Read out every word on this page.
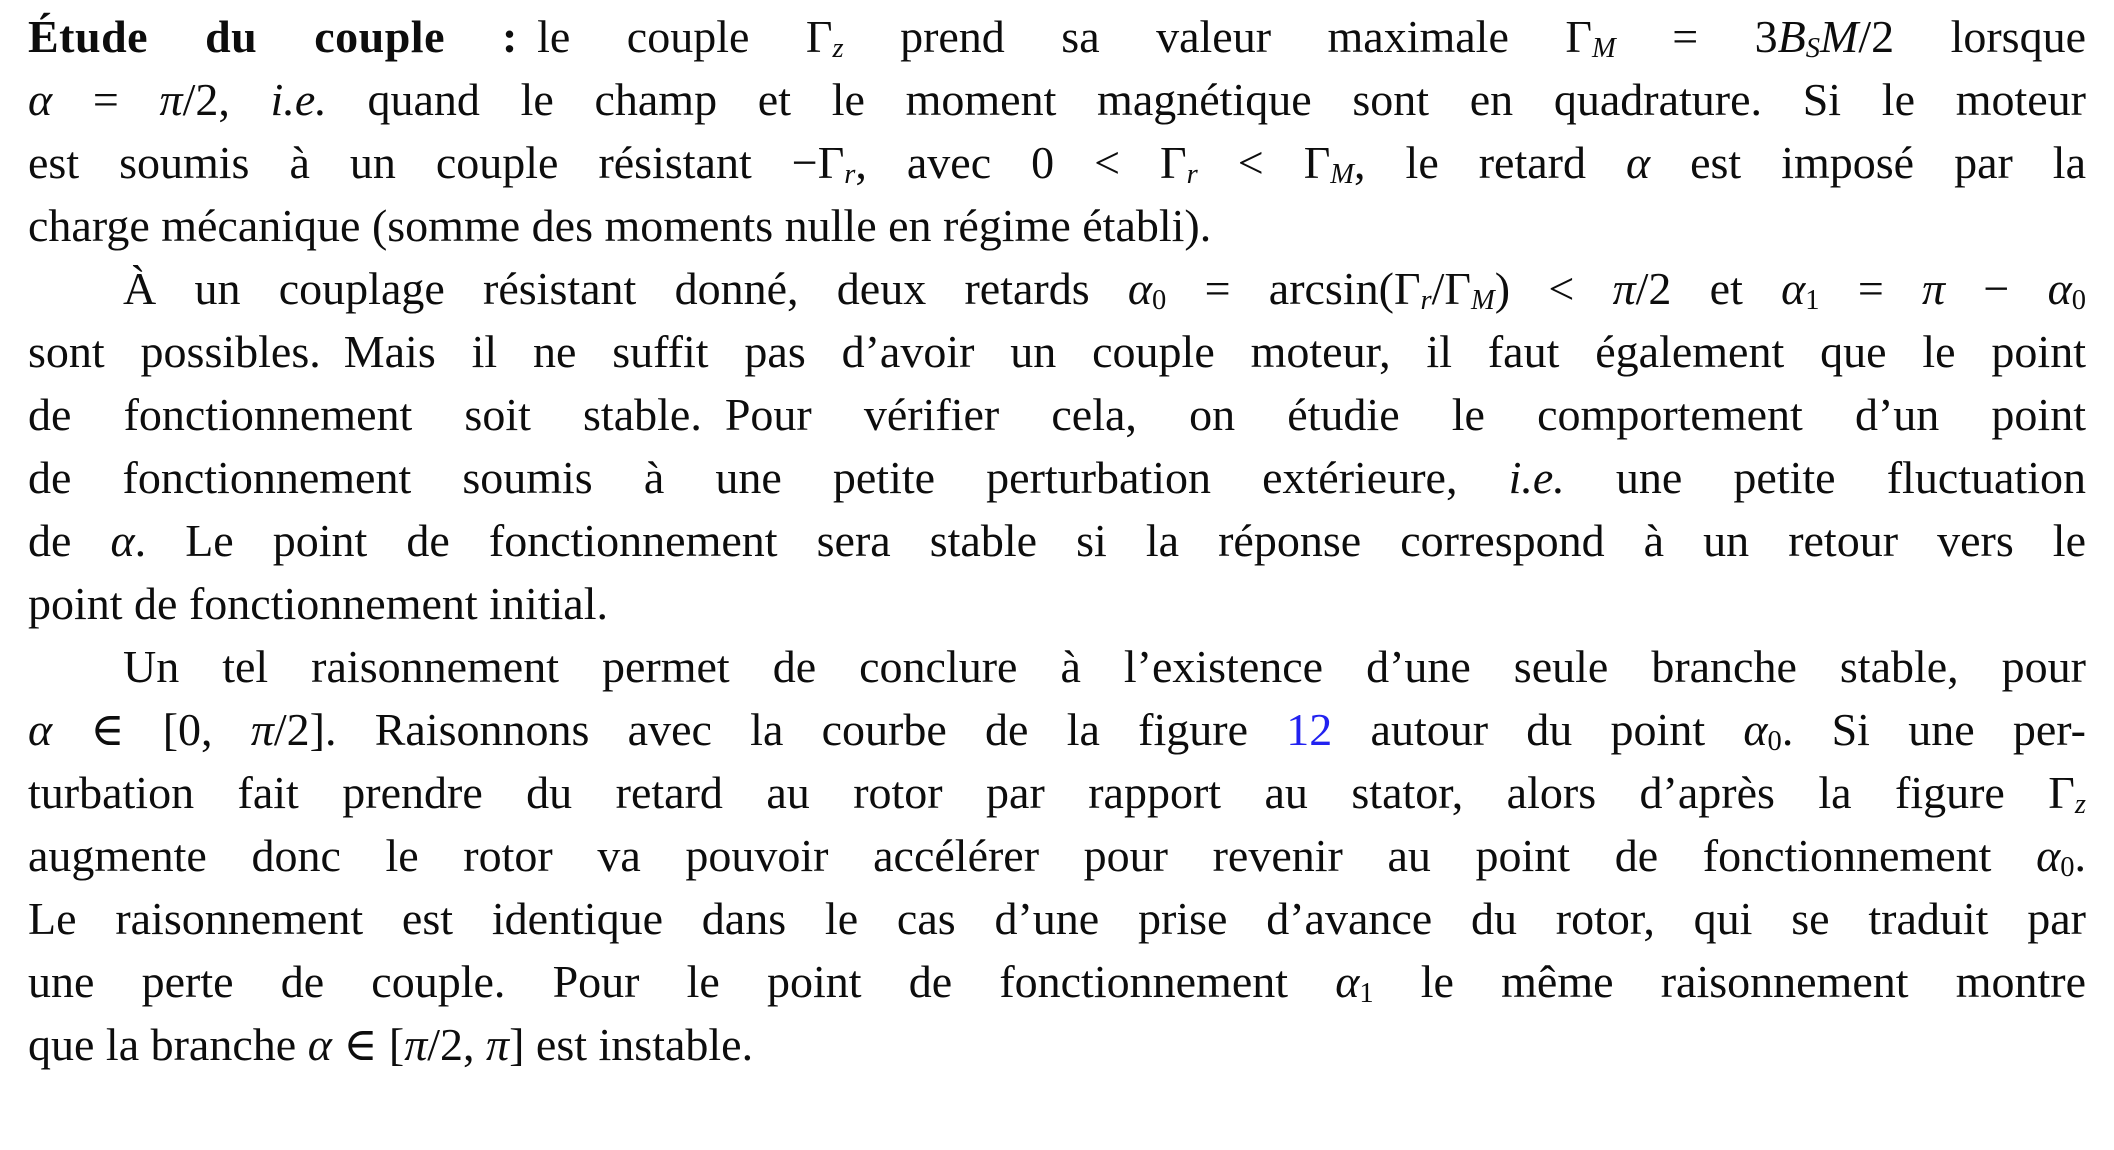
Étude du couple : le couple Γz prend sa valeur maximale ΓM = 3BSM/2 lorsque
α = π/2, i.e. quand le champ et le moment magnétique sont en quadrature. Si le moteur
est soumis à un couple résistant −Γr, avec 0 < Γr < ΓM, le retard α est imposé par la
charge mécanique (somme des moments nulle en régime établi).
À un couplage résistant donné, deux retards α0 = arcsin(Γr/ΓM) < π/2 et α1 = π − α0
sont possibles. Mais il ne suffit pas d’avoir un couple moteur, il faut également que le point
de fonctionnement soit stable. Pour vérifier cela, on étudie le comportement d’un point
de fonctionnement soumis à une petite perturbation extérieure, i.e. une petite fluctuation
de α. Le point de fonctionnement sera stable si la réponse correspond à un retour vers le
point de fonctionnement initial.
Un tel raisonnement permet de conclure à l’existence d’une seule branche stable, pour
α ∈ [0, π/2]. Raisonnons avec la courbe de la figure 12 autour du point α0. Si une per-
turbation fait prendre du retard au rotor par rapport au stator, alors d’après la figure Γz
augmente donc le rotor va pouvoir accélérer pour revenir au point de fonctionnement α0.
Le raisonnement est identique dans le cas d’une prise d’avance du rotor, qui se traduit par
une perte de couple. Pour le point de fonctionnement α1 le même raisonnement montre
que la branche α ∈ [π/2, π] est instable.
